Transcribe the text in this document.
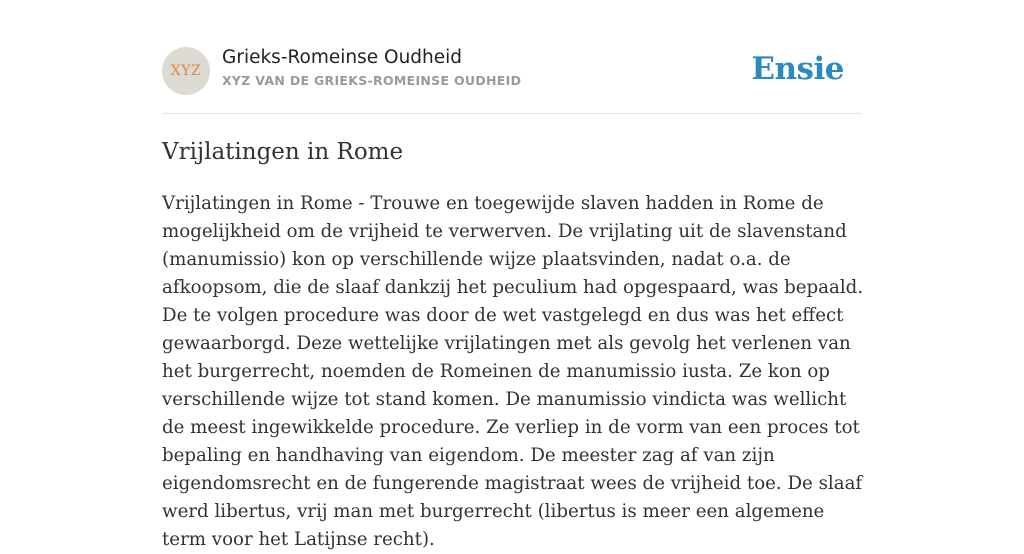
XYZ
Grieks-Romeinse Oudheid
XYZ VAN DE GRIEKS-ROMEINSE OUDHEID	Ensie
Vrijlatingen in Rome

Vrijlatingen in Rome - Trouwe en toegewijde slaven hadden in Rome de mogelijkheid om de vrijheid te verwerven. De vrijlating uit de slavenstand (manumissio) kon op verschillende wijze plaatsvinden, nadat o.a. de afkoopsom, die de slaaf dankzij het peculium had opgespaard, was bepaald. De te volgen procedure was door de wet vastgelegd en dus was het effect gewaarborgd. Deze wettelijke vrijlatingen met als gevolg het verlenen van het burgerrecht, noemden de Romeinen de manumissio iusta. Ze kon op verschillende wijze tot stand komen. De manumissio vindicta was wellicht de meest ingewikkelde procedure. Ze verliep in de vorm van een proces tot bepaling en handhaving van eigendom. De meester zag af van zijn eigendomsrecht en de fungerende magistraat wees de vrijheid toe. De slaaf werd libertus, vrij man met burgerrecht (libertus is meer een algemene term voor het Latijnse recht).
